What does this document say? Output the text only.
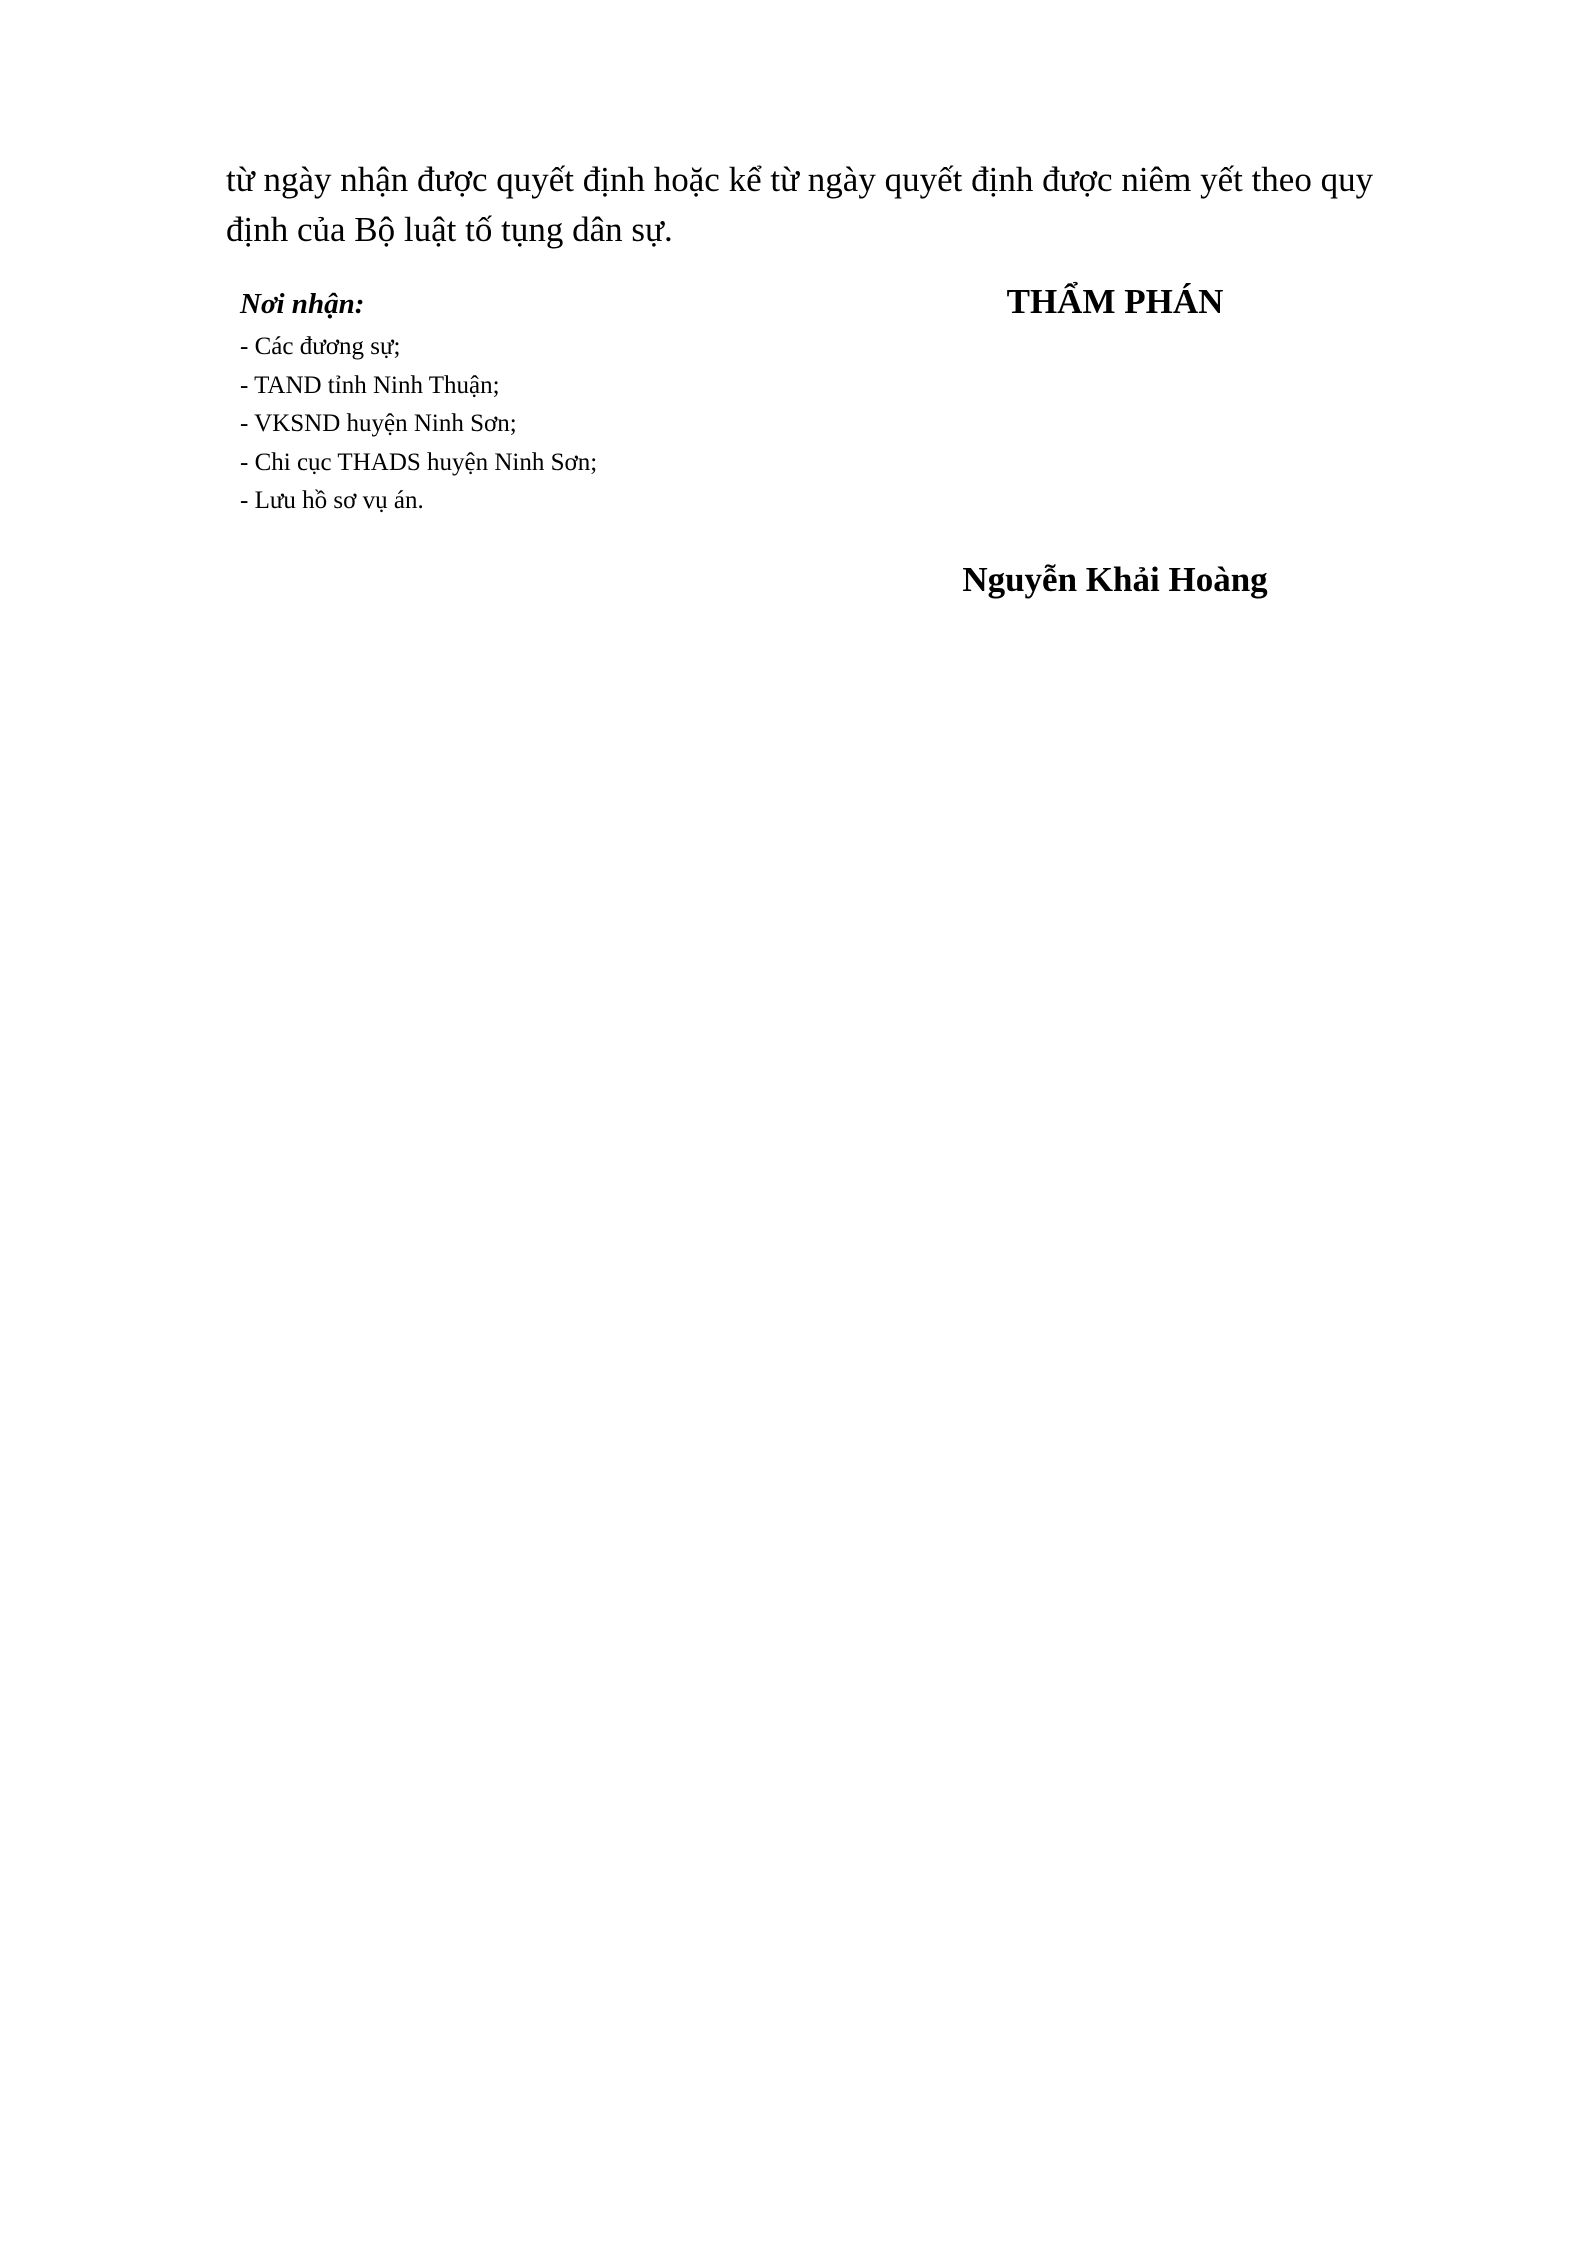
từ ngày nhận được quyết định hoặc kể từ ngày quyết định được niêm yết theo quy
định của Bộ luật tố tụng dân sự.
Nơi nhận:
- Các đương sự;
- TAND tỉnh Ninh Thuận;
- VKSND huyện Ninh Sơn;
- Chi cục THADS huyện Ninh Sơn;
- Lưu hồ sơ vụ án.
THẨM PHÁN
Nguyễn Khải Hoàng
